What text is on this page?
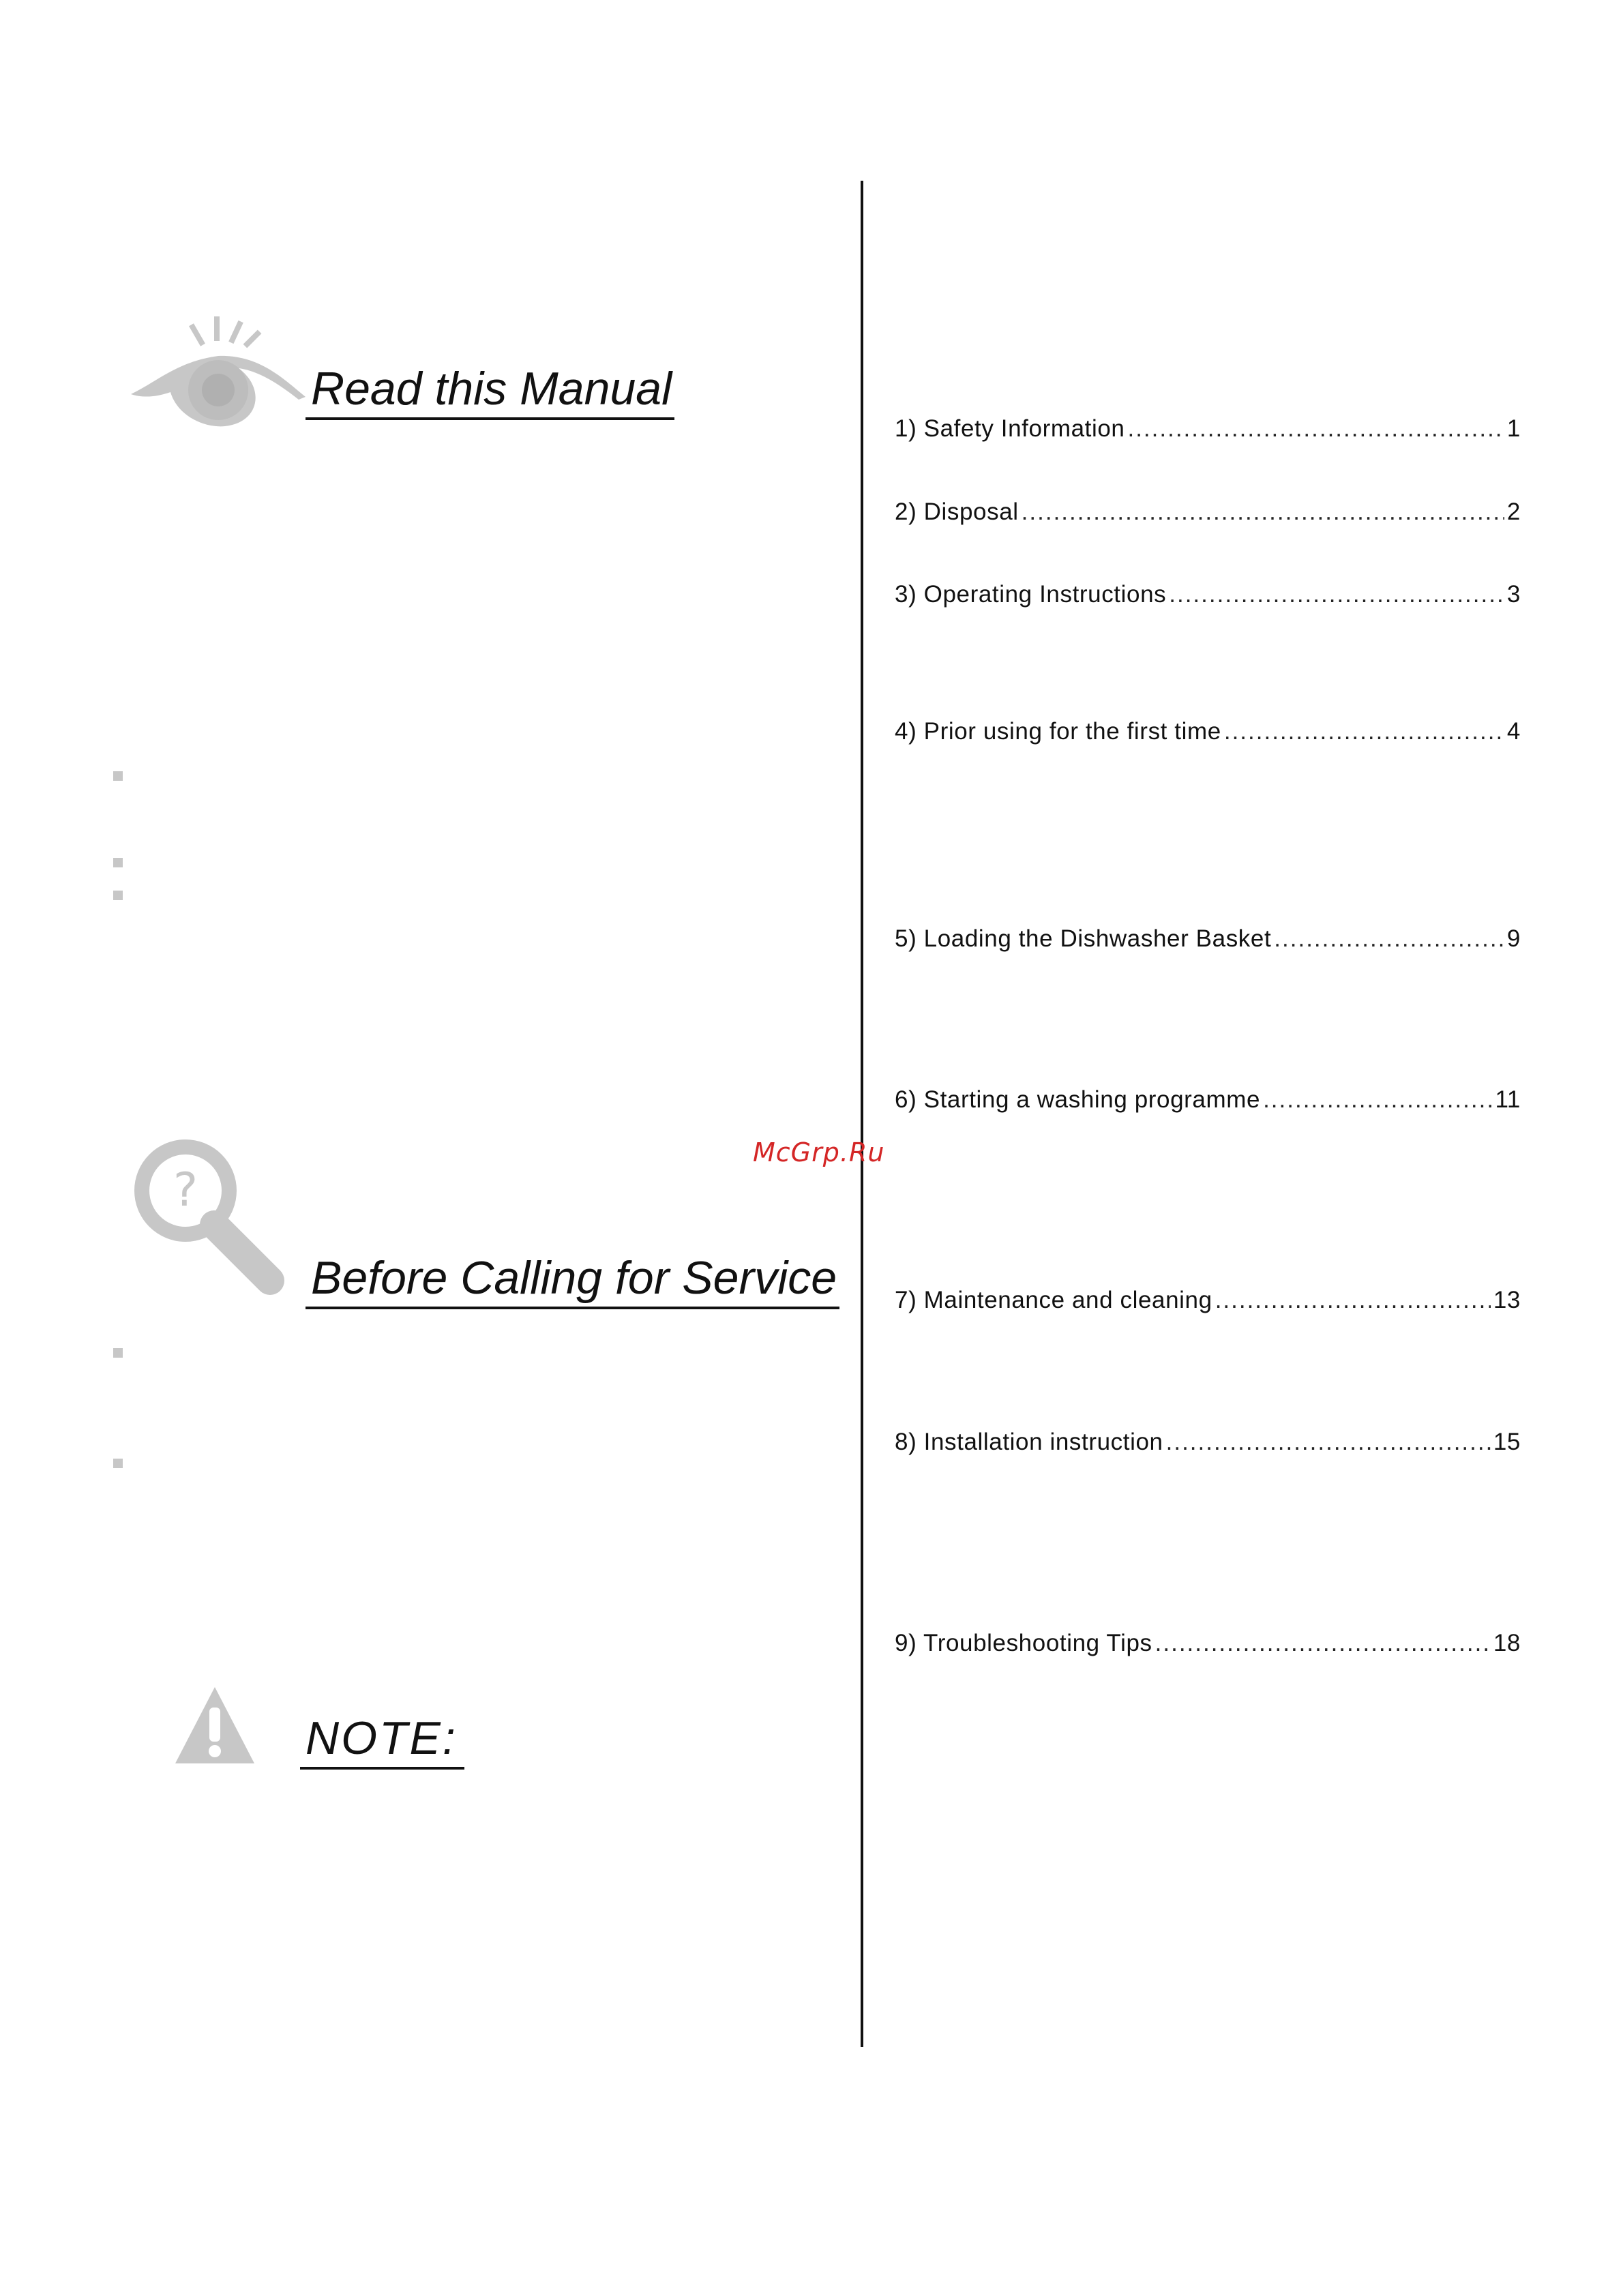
Read this Manual
?
Before Calling for Service
NOTE:
McGrp.Ru
1) Safety Information .....	1
2) Disposal .....	2
3) Operating Instructions .....	3
4) Prior using for the first time .....	4
5) Loading the Dishwasher Basket .....	9
6) Starting a washing programme .....	11
7) Maintenance and cleaning .....	13
8) Installation instruction .....	15
9) Troubleshooting Tips .....	18
